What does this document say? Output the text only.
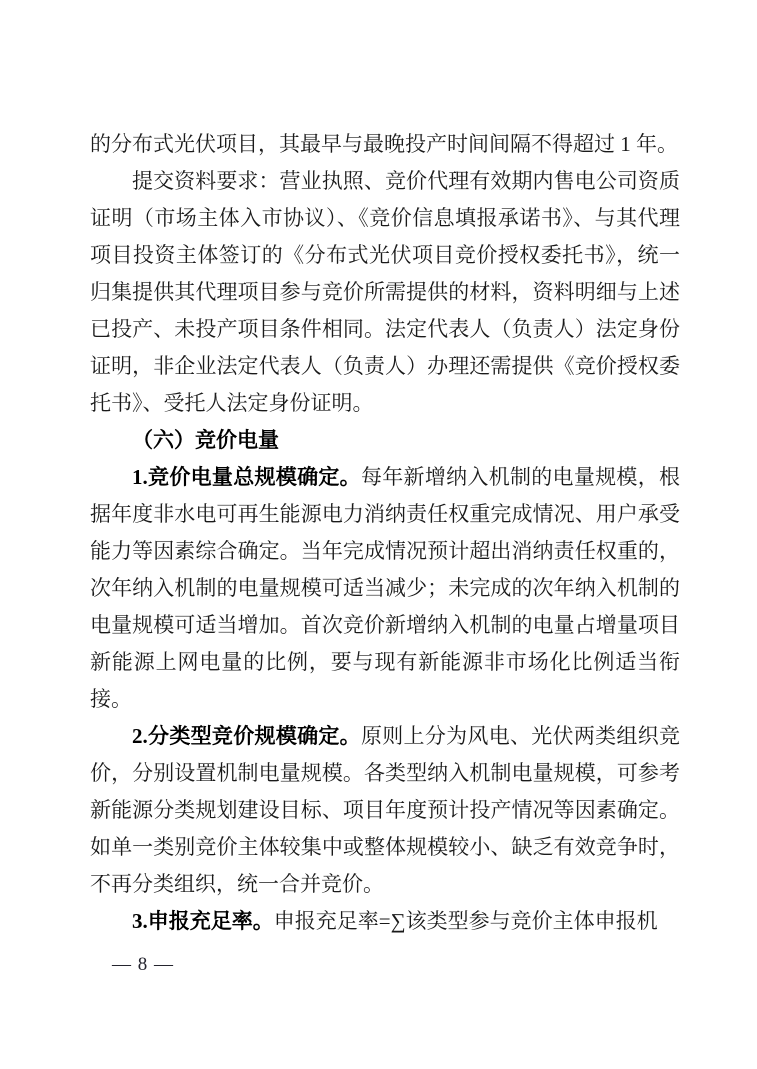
的分布式光伏项目，其最早与最晚投产时间间隔不得超过 1 年。

提交资料要求：营业执照、竞价代理有效期内售电公司资质证明（市场主体入市协议）、《竞价信息填报承诺书》、与其代理项目投资主体签订的《分布式光伏项目竞价授权委托书》，统一归集提供其代理项目参与竞价所需提供的材料，资料明细与上述已投产、未投产项目条件相同。法定代表人（负责人）法定身份证明，非企业法定代表人（负责人）办理还需提供《竞价授权委托书》、受托人法定身份证明。

（六）竞价电量

1.竞价电量总规模确定。每年新增纳入机制的电量规模，根据年度非水电可再生能源电力消纳责任权重完成情况、用户承受能力等因素综合确定。当年完成情况预计超出消纳责任权重的，次年纳入机制的电量规模可适当减少；未完成的次年纳入机制的电量规模可适当增加。首次竞价新增纳入机制的电量占增量项目新能源上网电量的比例，要与现有新能源非市场化比例适当衔接。

2.分类型竞价规模确定。原则上分为风电、光伏两类组织竞价，分别设置机制电量规模。各类型纳入机制电量规模，可参考新能源分类规划建设目标、项目年度预计投产情况等因素确定。如单一类别竞价主体较集中或整体规模较小、缺乏有效竞争时，不再分类组织，统一合并竞价。

3.申报充足率。申报充足率=∑该类型参与竞价主体申报机

— 8 —
